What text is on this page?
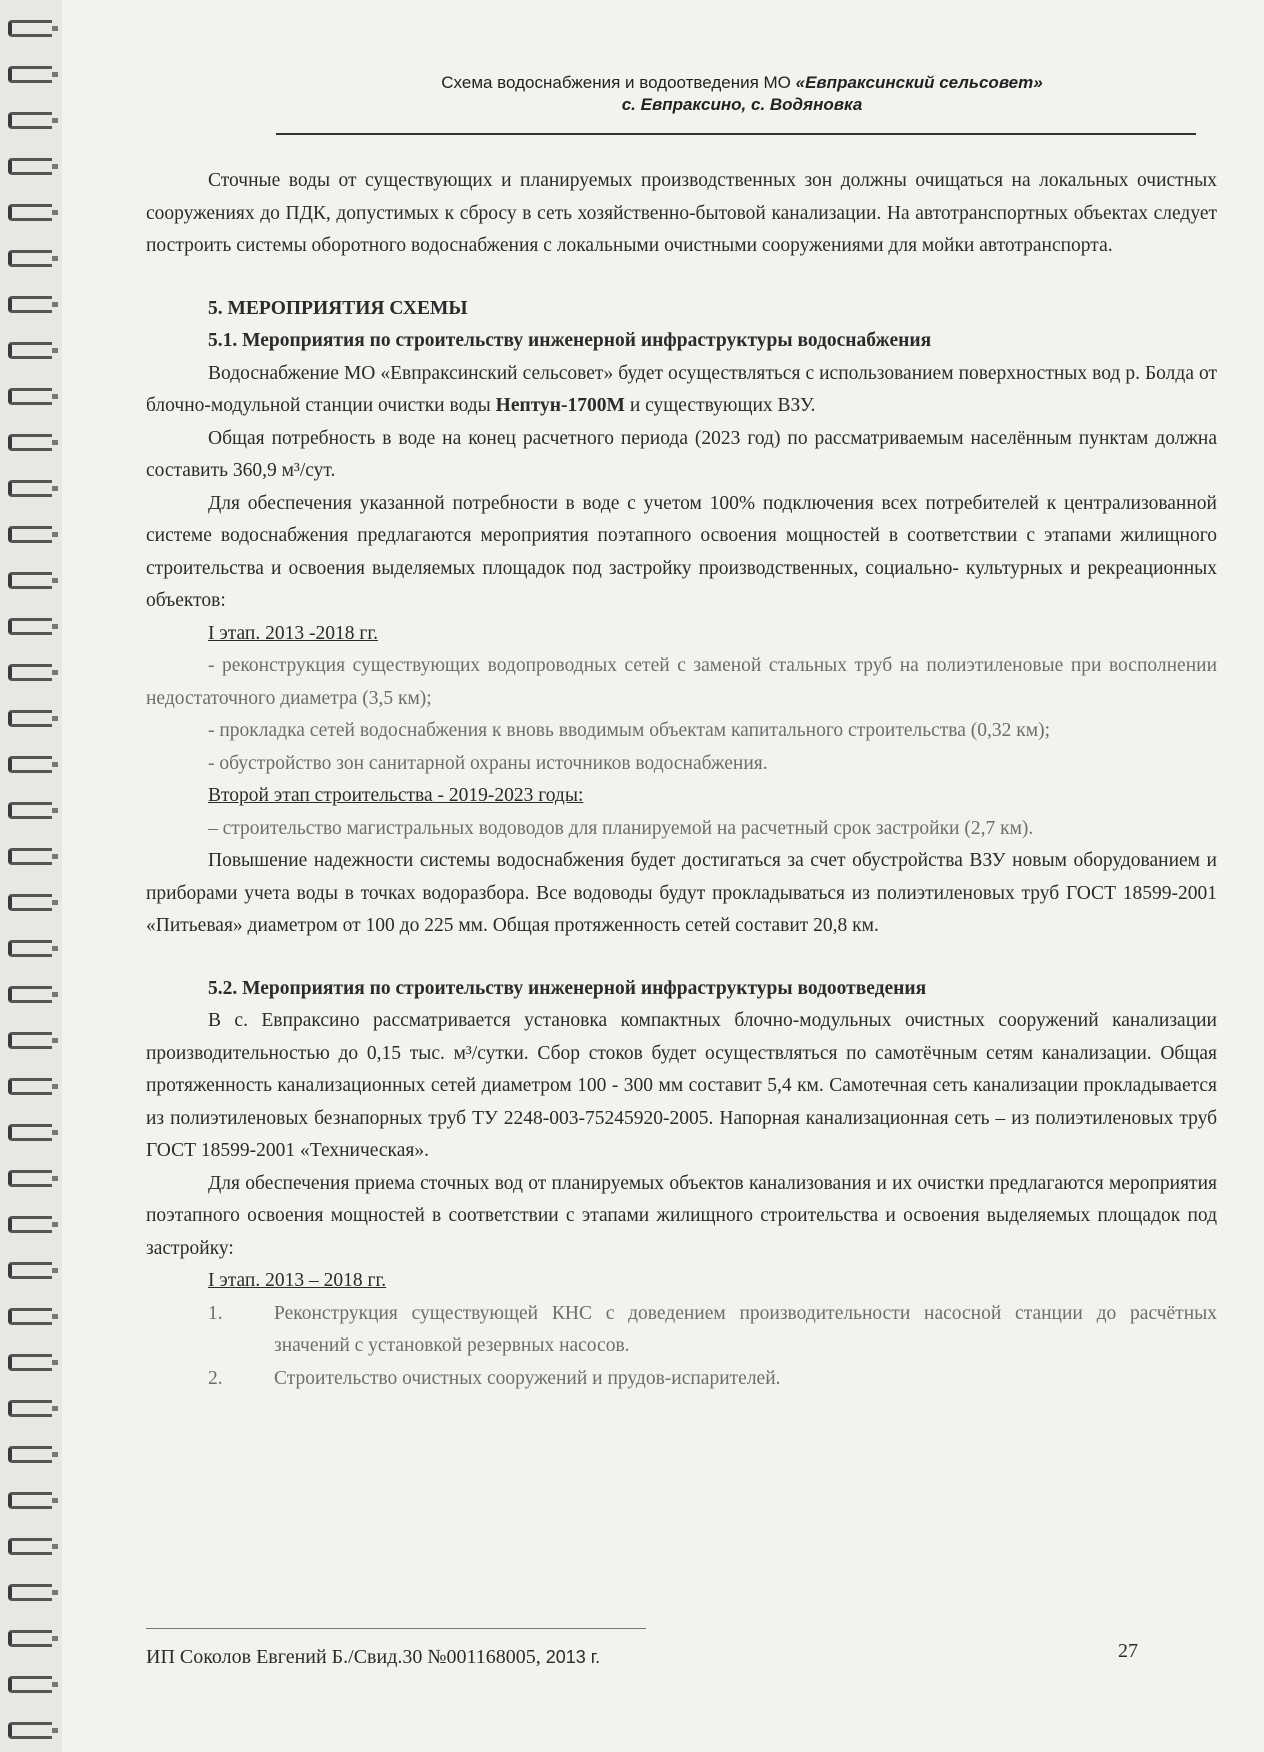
Схема водоснабжения и водоотведения МО «Евпраксинский сельсовет»
с. Евпраксино, с. Водяновка

Сточные воды от существующих и планируемых производственных зон должны очищаться на локальных очистных сооружениях до ПДК, допустимых к сбросу в сеть хозяйственно-бытовой канализации. На автотранспортных объектах следует построить системы оборотного водоснабжения с локальными очистными сооружениями для мойки автотранспорта.

5. МЕРОПРИЯТИЯ СХЕМЫ
5.1. Мероприятия по строительству инженерной инфраструктуры водоснабжения

Водоснабжение МО «Евпраксинский сельсовет» будет осуществляться с использованием поверхностных вод р. Болда от блочно-модульной станции очистки воды Нептун-1700М и существующих ВЗУ.

Общая потребность в воде на конец расчетного периода (2023 год) по рассматриваемым населённым пунктам должна составить 360,9 м³/сут.

Для обеспечения указанной потребности в воде с учетом 100% подключения всех потребителей к централизованной системе водоснабжения предлагаются мероприятия поэтапного освоения мощностей в соответствии с этапами жилищного строительства и освоения выделяемых площадок под застройку производственных, социально- культурных и рекреационных объектов:

I этап. 2013 -2018 гг.

- реконструкция существующих водопроводных сетей с заменой стальных труб на полиэтиленовые при восполнении недостаточного диаметра (3,5 км);

- прокладка сетей водоснабжения к вновь вводимым объектам капитального строительства (0,32 км);

- обустройство зон санитарной охраны источников водоснабжения.

Второй этап строительства - 2019-2023 годы:

– строительство магистральных водоводов для планируемой на расчетный срок застройки (2,7 км).

Повышение надежности системы водоснабжения будет достигаться за счет обустройства ВЗУ новым оборудованием и приборами учета воды в точках водоразбора. Все водоводы будут прокладываться из полиэтиленовых труб ГОСТ 18599-2001 «Питьевая» диаметром от 100 до 225 мм. Общая протяженность сетей составит 20,8 км.

5.2. Мероприятия по строительству инженерной инфраструктуры водоотведения

В с. Евпраксино рассматривается установка компактных блочно-модульных очистных сооружений канализации производительностью до 0,15 тыс. м³/сутки. Сбор стоков будет осуществляться по самотёчным сетям канализации. Общая протяженность канализационных сетей диаметром 100 - 300 мм составит 5,4 км. Самотечная сеть канализации прокладывается из полиэтиленовых безнапорных труб ТУ 2248-003-75245920-2005. Напорная канализационная сеть – из полиэтиленовых труб ГОСТ 18599-2001 «Техническая».

Для обеспечения приема сточных вод от планируемых объектов канализования и их очистки предлагаются мероприятия поэтапного освоения мощностей в соответствии с этапами жилищного строительства и освоения выделяемых площадок под застройку:

I этап. 2013 – 2018 гг.

1.	Реконструкция существующей КНС с доведением производительности насосной станции до расчётных значений с установкой резервных насосов.

2.	Строительство очистных сооружений и прудов-испарителей.

ИП Соколов Евгений Б./Свид.30 №001168005, 2013 г.	27
